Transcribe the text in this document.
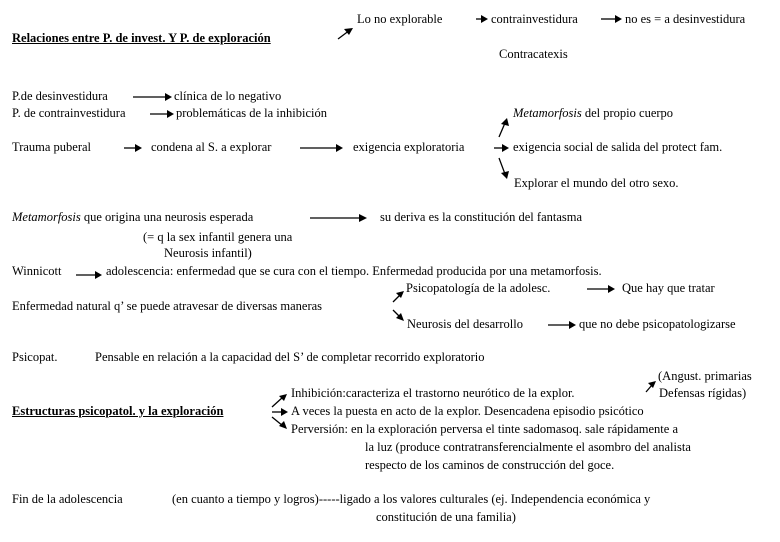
Lo no explorable	contrainvestidura	no es = a desinvestidura
Relaciones entre P. de invest. Y P. de exploración
Contracatexis
P.de desinvestidura	clínica de lo negativo
P. de contrainvestidura	problemáticas de la inhibición	Metamorfosis del propio cuerpo
Trauma puberal	condena al S. a explorar	exigencia exploratoria	exigencia social de salida del protect fam.
Explorar el mundo del otro sexo.
Metamorfosis que origina una neurosis esperada	su deriva es la constitución del fantasma
(= q la sex infantil genera una
Neurosis infantil)
Winnicott	adolescencia: enfermedad que se cura con el tiempo. Enfermedad producida por una metamorfosis.
Psicopatología de la adolesc.	Que hay que tratar
Enfermedad natural q’ se puede atravesar de diversas maneras
Neurosis del desarrollo	que no debe psicopatologizarse
Psicopat.	Pensable en relación a la capacidad del S’ de completar recorrido exploratorio
(Angust. primarias
Inhibición:caracteriza el trastorno neurótico de la explor.	Defensas rígidas)
Estructuras psicopatol. y la exploración	A veces la puesta en acto de la explor. Desencadena episodio psicótico
Perversión: en la exploración perversa el tinte sadomasoq. sale rápidamente a
la luz (produce contratransferencialmente el asombro del analista
respecto de los caminos de construcción del goce.
Fin de la adolescencia	(en cuanto a tiempo y logros)-----ligado a los valores culturales (ej. Independencia económica y
constitución de una familia)
